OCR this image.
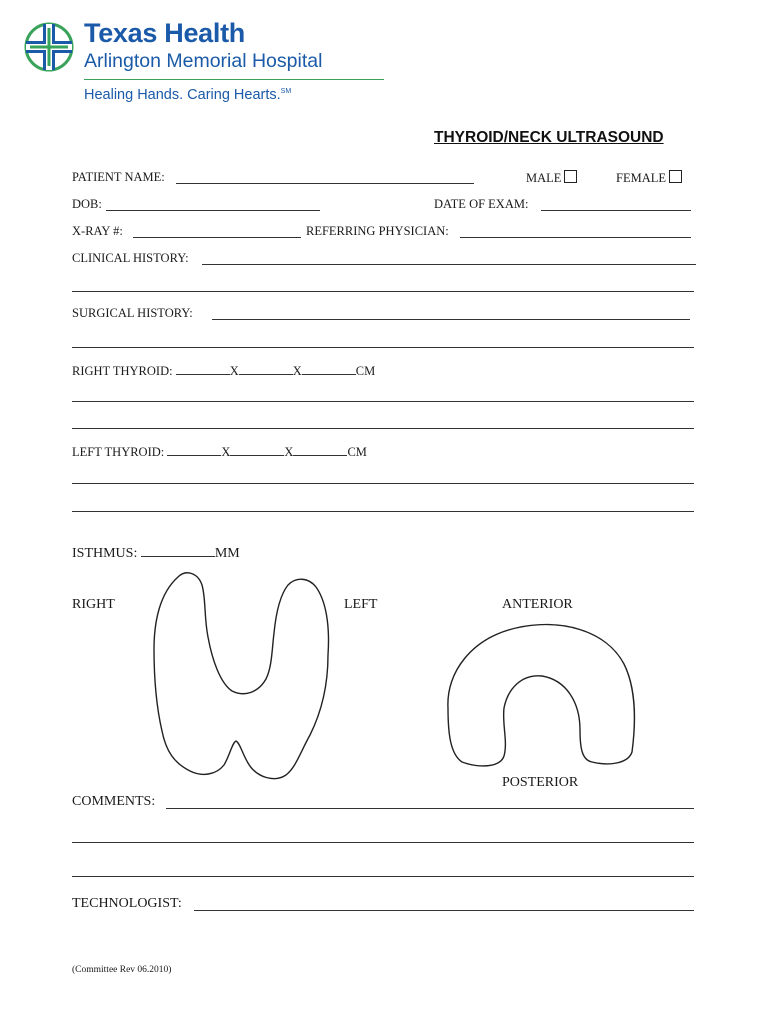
Texas Health
Arlington Memorial Hospital
Healing Hands. Caring Hearts.℠
THYROID/NECK ULTRASOUND
PATIENT NAME:	MALE	FEMALE
DOB:	DATE OF EXAM:
X-RAY #:	REFERRING PHYSICIAN:
CLINICAL HISTORY:
SURGICAL HISTORY:
RIGHT THYROID:	X	X	CM
LEFT THYROID:	X	X	CM
ISTHMUS:	MM
RIGHT	LEFT	ANTERIOR
POSTERIOR
COMMENTS:
TECHNOLOGIST:
(Committee Rev 06.2010)
